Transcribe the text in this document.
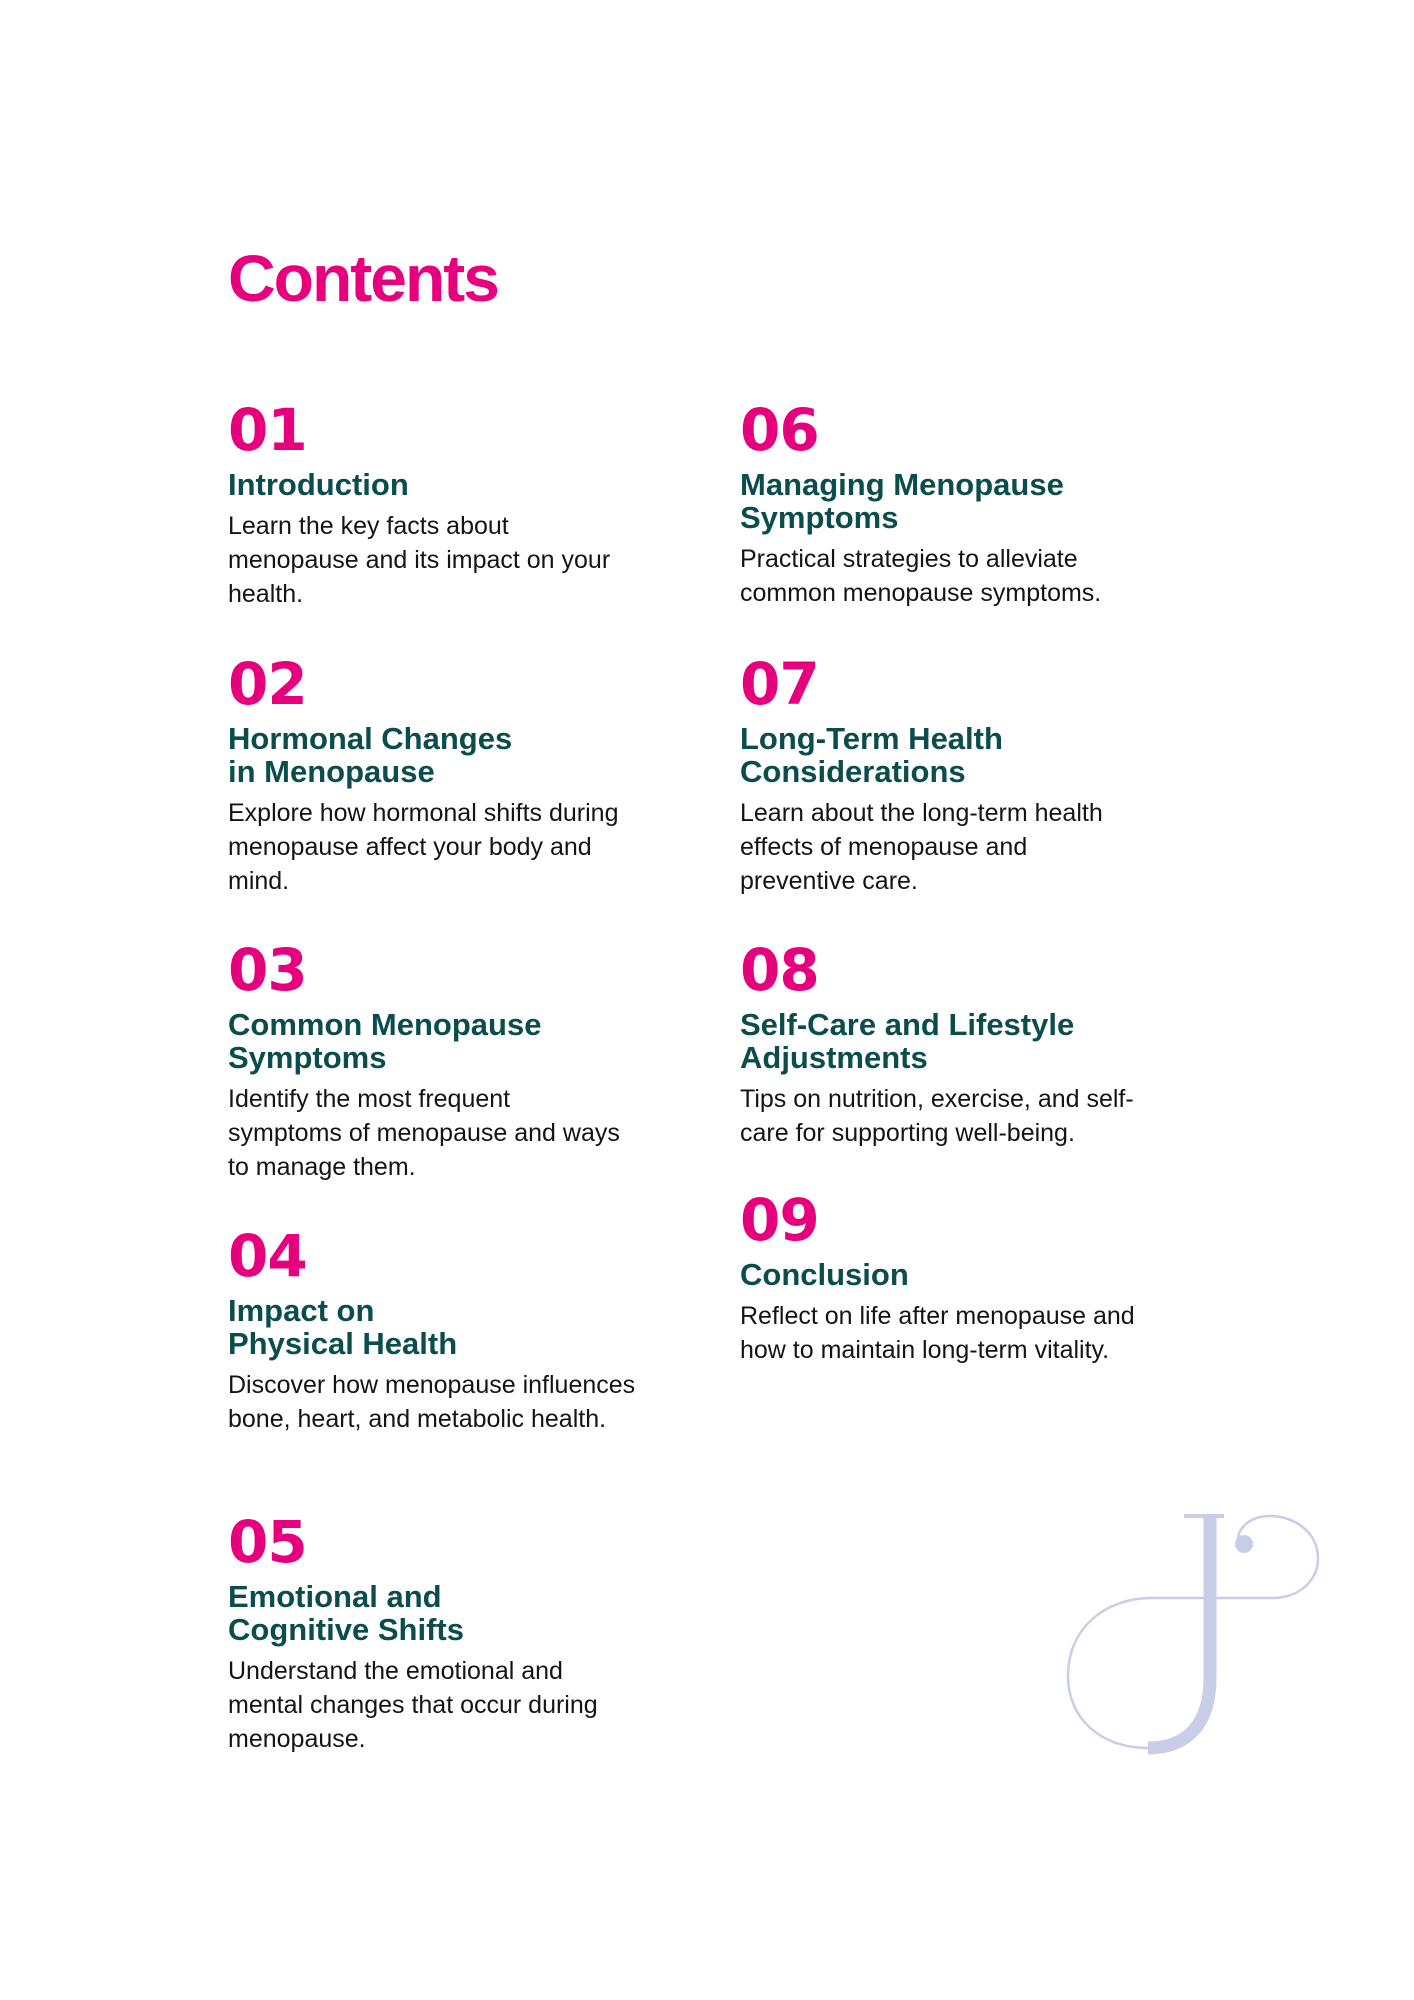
Contents
01
Introduction
Learn the key facts about
menopause and its impact on your
health.
02
Hormonal Changes
in Menopause
Explore how hormonal shifts during
menopause affect your body and
mind.
03
Common Menopause
Symptoms
Identify the most frequent
symptoms of menopause and ways
to manage them.
04
Impact on
Physical Health
Discover how menopause influences
bone, heart, and metabolic health.
05
Emotional and
Cognitive Shifts
Understand the emotional and
mental changes that occur during
menopause.
06
Managing Menopause
Symptoms
Practical strategies to alleviate
common menopause symptoms.
07
Long-Term Health
Considerations
Learn about the long-term health
effects of menopause and
preventive care.
08
Self-Care and Lifestyle
Adjustments
Tips on nutrition, exercise, and self-
care for supporting well-being.
09
Conclusion
Reflect on life after menopause and
how to maintain long-term vitality.
